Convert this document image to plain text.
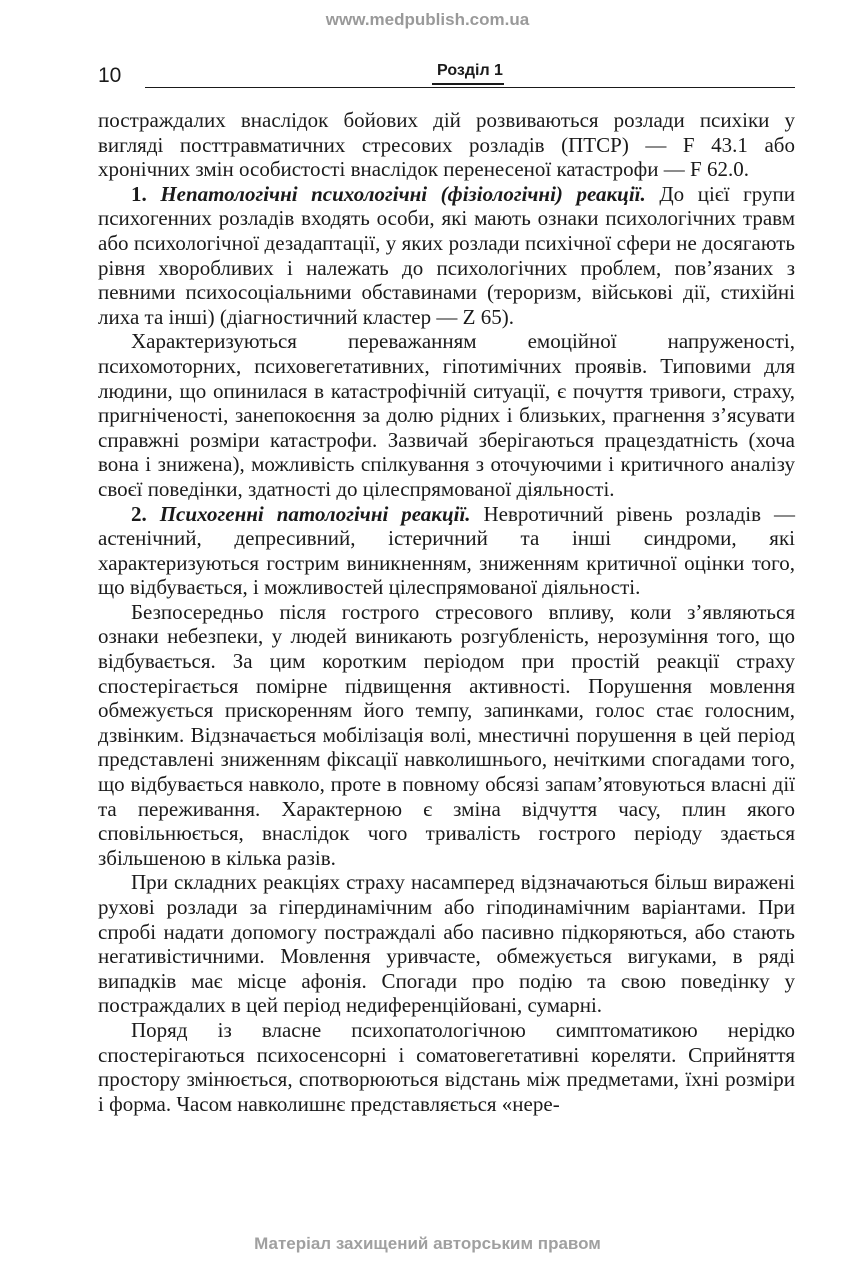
www.medpublish.com.ua
10	Розділ 1

постраждалих внаслідок бойових дій розвиваються розлади психіки у вигляді посттравматичних стресових розладів (ПТСР) — F 43.1 або хронічних змін особистості внаслідок перенесеної катастрофи — F 62.0.

1. Непатологічні психологічні (фізіологічні) реакції. До цієї групи психогенних розладів входять особи, які мають ознаки психологічних травм або психологічної дезадаптації, у яких розлади психічної сфери не досягають рівня хворобливих і належать до психологічних проблем, пов’язаних з певними психосоціальними обставинами (тероризм, військові дії, стихійні лиха та інші) (діагностичний кластер — Z 65).

Характеризуються переважанням емоційної напруженості, психомоторних, психовегетативних, гіпотимічних проявів. Типовими для людини, що опинилася в катастрофічній ситуації, є почуття тривоги, страху, пригніченості, занепокоєння за долю рідних і близьких, прагнення з’ясувати справжні розміри катастрофи. Зазвичай зберігаються працездатність (хоча вона і знижена), можливість спілкування з оточуючими і критичного аналізу своєї поведінки, здатності до цілеспрямованої діяльності.

2. Психогенні патологічні реакції. Невротичний рівень розладів — астенічний, депресивний, істеричний та інші синдроми, які характеризуються гострим виникненням, зниженням критичної оцінки того, що відбувається, і можливостей цілеспрямованої діяльності.

Безпосередньо після гострого стресового впливу, коли з’являються ознаки небезпеки, у людей виникають розгубленість, нерозуміння того, що відбувається. За цим коротким періодом при простій реакції страху спостерігається помірне підвищення активності. Порушення мовлення обмежується прискоренням його темпу, запинками, голос стає голосним, дзвінким. Відзначається мобілізація волі, мнестичні порушення в цей період представлені зниженням фіксації навколишнього, нечіткими спогадами того, що відбувається навколо, проте в повному обсязі запам’ятовуються власні дії та переживання. Характерною є зміна відчуття часу, плин якого сповільнюється, внаслідок чого тривалість гострого періоду здається збільшеною в кілька разів.

При складних реакціях страху насамперед відзначаються більш виражені рухові розлади за гіпердинамічним або гіподинамічним варіантами. При спробі надати допомогу постраждалі або пасивно підкоряються, або стають негативістичними. Мовлення уривчасте, обмежується вигуками, в ряді випадків має місце афонія. Спогади про подію та свою поведінку у постраждалих в цей період недиференційовані, сумарні.

Поряд із власне психопатологічною симптоматикою нерідко спостерігаються психосенсорні і соматовегетативні кореляти. Сприйняття простору змінюється, спотворюються відстань між предметами, їхні розміри і форма. Часом навколишнє представляється «нере-

Матеріал захищений авторським правом
